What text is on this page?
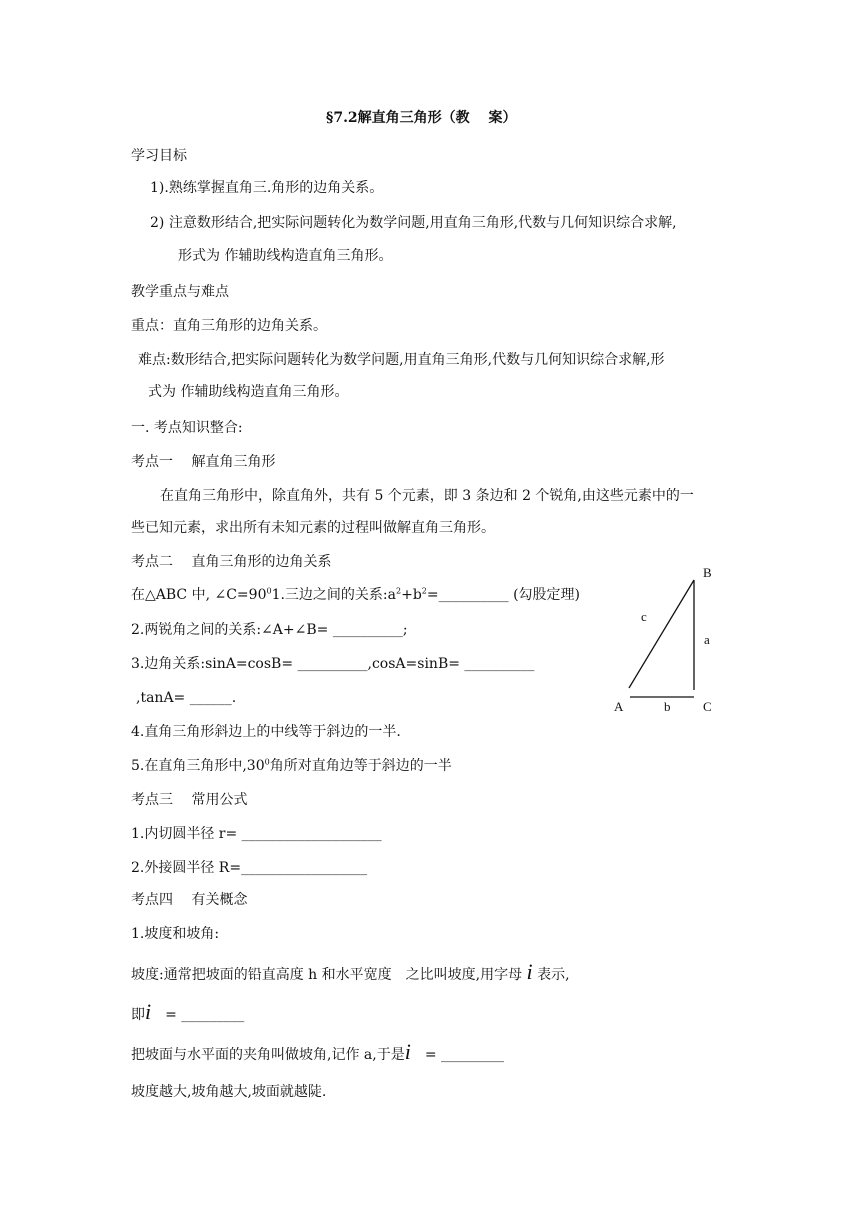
§7.2解直角三角形（教　 案）
学习目标
1).熟练掌握直角三.角形的边角关系。
2) 注意数形结合,把实际问题转化为数学问题,用直角三角形,代数与几何知识综合求解,
形式为 作辅助线构造直角三角形。
教学重点与难点
重点：直角三角形的边角关系。
难点:数形结合,把实际问题转化为数学问题,用直角三角形,代数与几何知识综合求解,形
式为 作辅助线构造直角三角形。
一. 考点知识整合:
考点一　 解直角三角形
在直角三角形中，除直角外，共有 5 个元素，即 3 条边和 2 个锐角,由这些元素中的一
些已知元素，求出所有未知元素的过程叫做解直角三角形。
考点二　 直角三角形的边角关系
在△ABC 中, $\angle C=90^01$.三边之间的关系$:a^2+b^2=\_\_\_\_\_\_\_\_\_\_$ (勾股定理)
2.两锐角之间的关系:∠A+∠B= __________;
3.边角关系:sinA=cosB= __________,cosA=sinB= __________
,tanA= ______.
4.直角三角形斜边上的中线等于斜边的一半.
5.在直角三角形中$,30^0$角所对直角边等于斜边的一半
考点三　 常用公式
1.内切圆半径 r= ____________________
2.外接圆半径 R=__________________
考点四　 有关概念
1.坡度和坡角:
坡度:通常把坡面的铅直高度 h 和水平宽度　之比叫坡度,用字母 i 表示,
即i　= _________
把坡面与水平面的夹角叫做坡角,记作 a,于是i　= _________
坡度越大,坡角越大,坡面就越陡.
B
c
a
A	b	C
